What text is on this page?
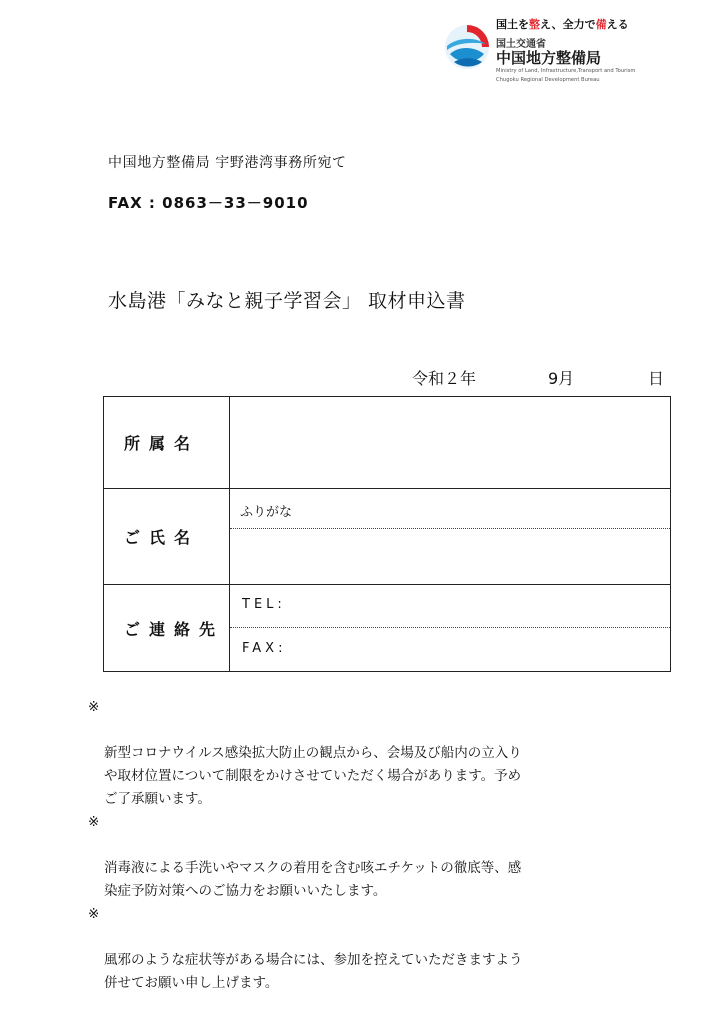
国土を整え、全力で備える
国土交通省
中国地方整備局
Ministry of Land, Infrastructure,Transport and Tourism
Chugoku Regional Development Bureau
中国地方整備局 宇野港湾事務所宛て
FAX : 0863－33－9010
水島港「みなと親子学習会」 取材申込書
令和２年	9月	日
所属名
ご氏名
ふりがな
ご連絡先
TEL:
FAX:

※

新型コロナウイルス感染拡大防止の観点から、会場及び船内の立入り
や取材位置について制限をかけさせていただく場合があります。予め
ご了承願います。

※

消毒液による手洗いやマスクの着用を含む咳エチケットの徹底等、感
染症予防対策へのご協力をお願いいたします。

※

風邪のような症状等がある場合には、参加を控えていただきますよう
併せてお願い申し上げます。
